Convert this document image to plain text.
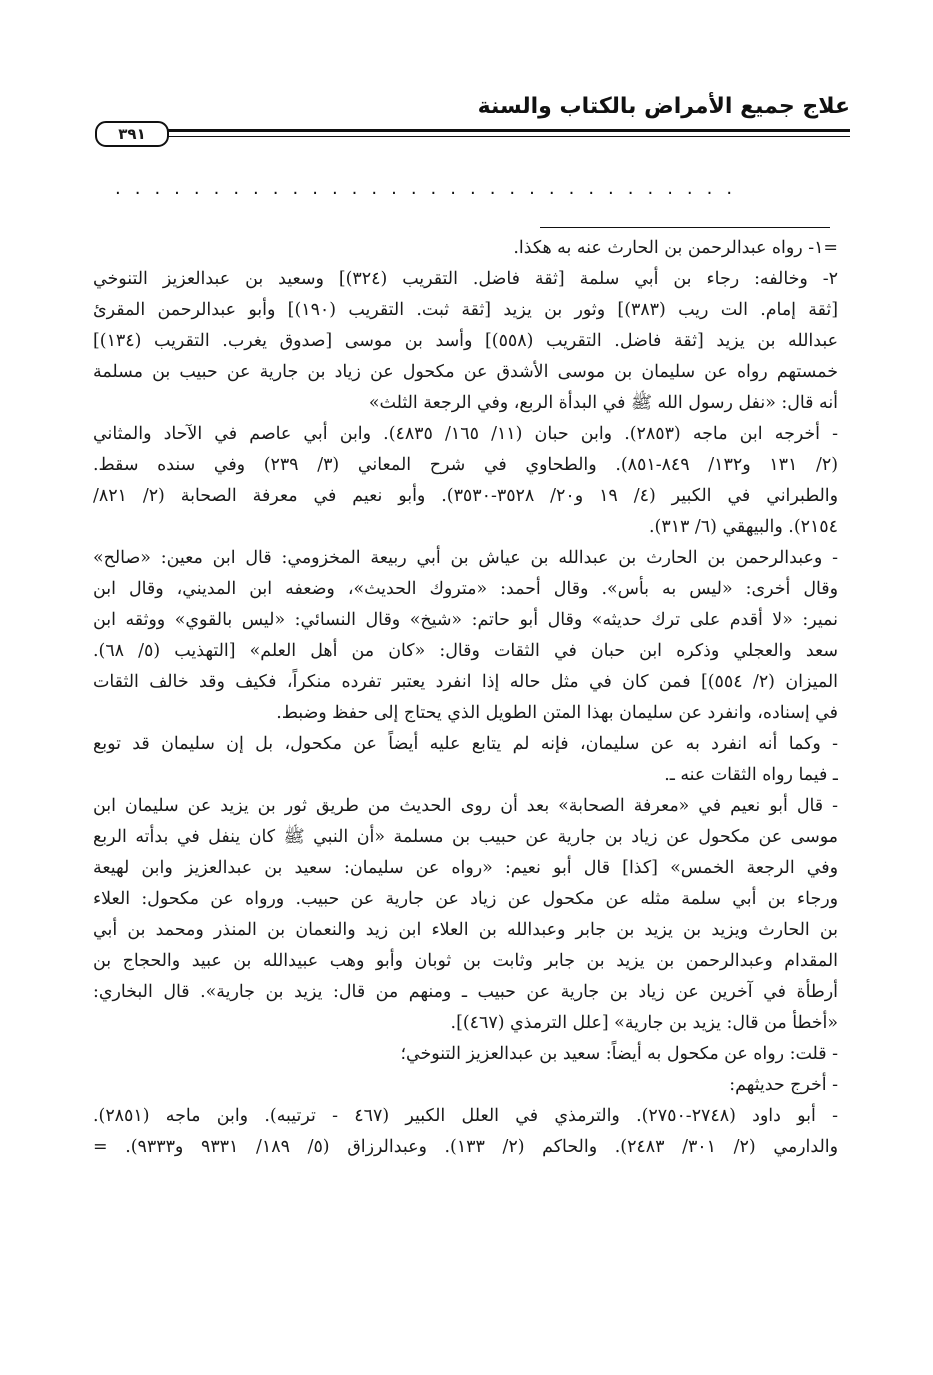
علاج جميع الأمراض بالكتاب والسنة
٣٩١
................................
=١- رواه عبدالرحمن بن الحارث عنه به هكذا.
٢- وخالفه: رجاء بن أبي سلمة [ثقة فاضل. التقريب (٣٢٤)] وسعيد بن عبدالعزيز التنوخي
[ثقة إمام. الت ريب (٣٨٣)] وثور بن يزيد [ثقة ثبت. التقريب (١٩٠)] وأبو عبدالرحمن المقرئ
عبدالله بن يزيد [ثقة فاضل. التقريب (٥٥٨)] وأسد بن موسى [صدوق يغرب. التقريب (١٣٤)]
خمستهم رواه عن سليمان بن موسى الأشدق عن مكحول عن زياد بن جارية عن حبيب بن مسلمة
أنه قال: «نفل رسول الله ﷺ في البدأة الربع، وفي الرجعة الثلث»
- أخرجه ابن ماجه (٢٨٥٣). وابن حبان (١١/ ١٦٥/ ٤٨٣٥). وابن أبي عاصم في الآحاد والمثاني
(٢/ ١٣١ و١٣٢/ ٨٤٩-٨٥١). والطحاوي في شرح المعاني (٣/ ٢٣٩) وفي سنده سقط.
والطبراني في الكبير (٤/ ١٩ و٢٠/ ٣٥٢٨-٣٥٣٠). وأبو نعيم في معرفة الصحابة (٢/ ٨٢١/
٢١٥٤). والبيهقي (٦/ ٣١٣).
- وعبدالرحمن بن الحارث بن عبدالله بن عياش بن أبي ربيعة المخزومي: قال ابن معين: «صالح»
وقال أخرى: «ليس به بأس». وقال أحمد: «متروك الحديث»، وضعفه ابن المديني، وقال ابن
نمير: «لا أقدم على ترك حديثه» وقال أبو حاتم: «شيخ» وقال النسائي: «ليس بالقوي» ووثقه ابن
سعد والعجلي وذكره ابن حبان في الثقات وقال: «كان من أهل العلم» [التهذيب (٥/ ٦٨).
الميزان (٢/ ٥٥٤)] فمن كان في مثل حاله إذا انفرد يعتبر تفرده منكراً، فكيف وقد خالف الثقات
في إسناده، وانفرد عن سليمان بهذا المتن الطويل الذي يحتاج إلى حفظ وضبط.
- وكما أنه انفرد به عن سليمان، فإنه لم يتابع عليه أيضاً عن مكحول، بل إن سليمان قد توبع
ـ فيما رواه الثقات عنه ـ.
- قال أبو نعيم في «معرفة الصحابة» بعد أن روى الحديث من طريق ثور بن يزيد عن سليمان ابن
موسى عن مكحول عن زياد بن جارية عن حبيب بن مسلمة «أن النبي ﷺ كان ينفل في بدأته الربع
وفي الرجعة الخمس» [كذا] قال أبو نعيم: «رواه عن سليمان: سعيد بن عبدالعزيز وابن لهيعة
ورجاء بن أبي سلمة مثله عن مكحول عن زياد عن جارية عن حبيب. ورواه عن مكحول: العلاء
بن الحارث ويزيد بن يزيد بن جابر وعبدالله بن العلاء ابن زيد والنعمان بن المنذر ومحمد بن أبي
المقدام وعبدالرحمن بن يزيد بن جابر وثابت بن ثوبان وأبو وهب عبيدالله بن عبيد والحجاج بن
أرطأة في آخرين عن زياد بن جارية عن حبيب ـ ومنهم من قال: يزيد بن جارية». قال البخاري:
«أخطأ من قال: يزيد بن جارية» [علل الترمذي (٤٦٧)].
- قلت: رواه عن مكحول به أيضاً: سعيد بن عبدالعزيز التنوخي؛
- أخرج حديثهم:
- أبو داود (٢٧٤٨-٢٧٥٠). والترمذي في العلل الكبير (٤٦٧ - ترتيبه). وابن ماجه (٢٨٥١).
والدارمي (٢/ ٣٠١/ ٢٤٨٣). والحاكم (٢/ ١٣٣). وعبدالرزاق (٥/ ١٨٩/ ٩٣٣١ و٩٣٣٣). =
